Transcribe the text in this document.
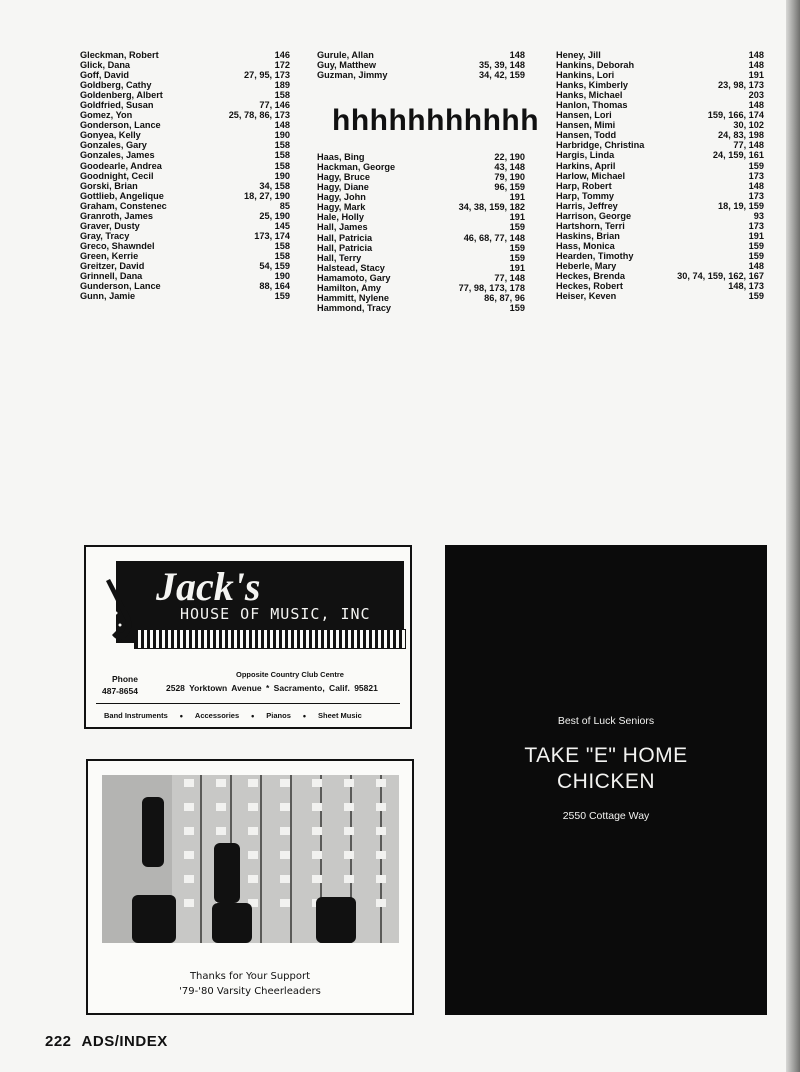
Gleckman, Robert	146
Glick, Dana	172
Goff, David	27, 95, 173
Goldberg, Cathy	189
Goldenberg, Albert	158
Goldfried, Susan	77, 146
Gomez, Yon	25, 78, 86, 173
Gonderson, Lance	148
Gonyea, Kelly	190
Gonzales, Gary	158
Gonzales, James	158
Goodearle, Andrea	158
Goodnight, Cecil	190
Gorski, Brian	34, 158
Gottlieb, Angelique	18, 27, 190
Graham, Constenec	85
Granroth, James	25, 190
Graver, Dusty	145
Gray, Tracy	173, 174
Greco, Shawndel	158
Green, Kerrie	158
Greitzer, David	54, 159
Grinnell, Dana	190
Gunderson, Lance	88, 164
Gunn, Jamie	159
Gurule, Allan	148
Guy, Matthew	35, 39, 148
Guzman, Jimmy	34, 42, 159
Haas, Bing	22, 190
Hackman, George	43, 148
Hagy, Bruce	79, 190
Hagy, Diane	96, 159
Hagy, John	191
Hagy, Mark	34, 38, 159, 182
Hale, Holly	191
Hall, James	159
Hall, Patricia	46, 68, 77, 148
Hall, Patricia	159
Hall, Terry	159
Halstead, Stacy	191
Hamamoto, Gary	77, 148
Hamilton, Amy	77, 98, 173, 178
Hammitt, Nylene	86, 87, 96
Hammond, Tracy	159
hhhhhhhhhhh
Heney, Jill	148
Hankins, Deborah	148
Hankins, Lori	191
Hanks, Kimberly	23, 98, 173
Hanks, Michael	203
Hanlon, Thomas	148
Hansen, Lori	159, 166, 174
Hansen, Mimi	30, 102
Hansen, Todd	24, 83, 198
Harbridge, Christina	77, 148
Hargis, Linda	24, 159, 161
Harkins, April	159
Harlow, Michael	173
Harp, Robert	148
Harp, Tommy	173
Harris, Jeffrey	18, 19, 159
Harrison, George	93
Hartshorn, Terri	173
Haskins, Brian	191
Hass, Monica	159
Hearden, Timothy	159
Heberle, Mary	148
Heckes, Brenda	30, 74, 159, 162, 167
Heckes, Robert	148, 173
Heiser, Keven	159
Jack's
HOUSE OF MUSIC, INC
Opposite Country Club Centre
Phone
487-8654	2528 Yorktown Avenue * Sacramento, Calif. 95821
Band Instruments • Accessories • Pianos • Sheet Music
Thanks for Your Support
'79-'80 Varsity Cheerleaders
Best of Luck Seniors
TAKE "E" HOME
CHICKEN
2550 Cottage Way
222 ADS/INDEX
